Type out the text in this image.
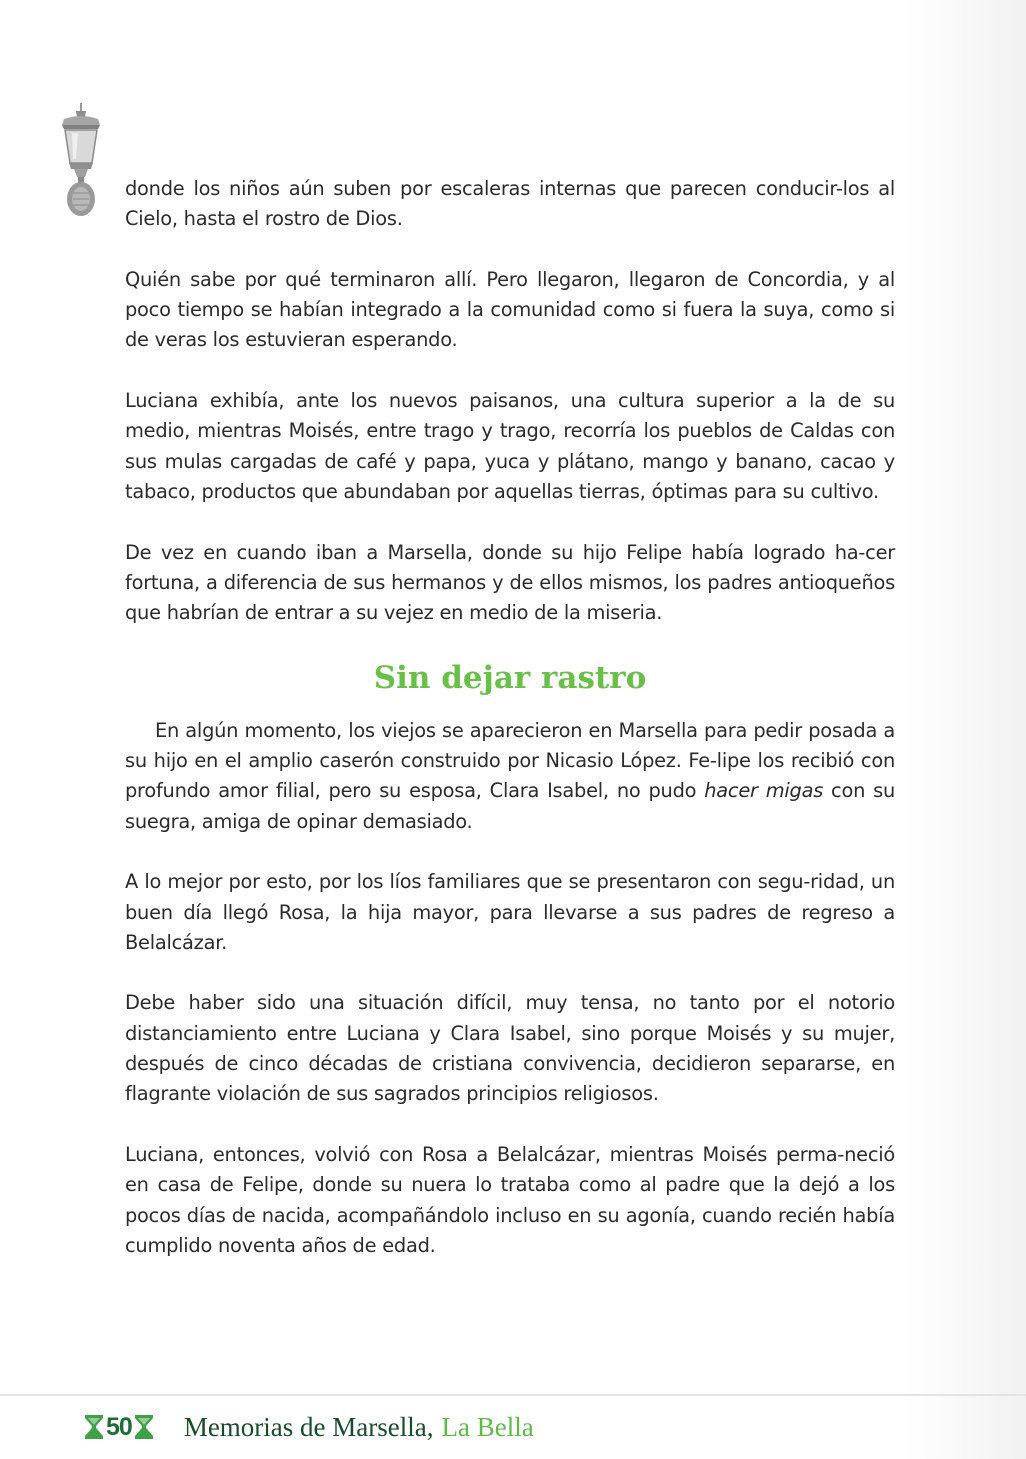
donde los niños aún suben por escaleras internas que parecen conducir-los al Cielo, hasta el rostro de Dios.

Quién sabe por qué terminaron allí. Pero llegaron, llegaron de Concordia, y al poco tiempo se habían integrado a la comunidad como si fuera la suya, como si de veras los estuvieran esperando.

Luciana exhibía, ante los nuevos paisanos, una cultura superior a la de su medio, mientras Moisés, entre trago y trago, recorría los pueblos de Caldas con sus mulas cargadas de café y papa, yuca y plátano, mango y banano, cacao y tabaco, productos que abundaban por aquellas tierras, óptimas para su cultivo.

De vez en cuando iban a Marsella, donde su hijo Felipe había logrado ha-cer fortuna, a diferencia de sus hermanos y de ellos mismos, los padres antioqueños que habrían de entrar a su vejez en medio de la miseria.

Sin dejar rastro

En algún momento, los viejos se aparecieron en Marsella para pedir posada a su hijo en el amplio caserón construido por Nicasio López. Fe-lipe los recibió con profundo amor filial, pero su esposa, Clara Isabel, no pudo hacer migas con su suegra, amiga de opinar demasiado.

A lo mejor por esto, por los líos familiares que se presentaron con segu-ridad, un buen día llegó Rosa, la hija mayor, para llevarse a sus padres de regreso a Belalcázar.

Debe haber sido una situación difícil, muy tensa, no tanto por el notorio distanciamiento entre Luciana y Clara Isabel, sino porque Moisés y su mujer, después de cinco décadas de cristiana convivencia, decidieron separarse, en flagrante violación de sus sagrados principios religiosos.

Luciana, entonces, volvió con Rosa a Belalcázar, mientras Moisés perma-neció en casa de Felipe, donde su nuera lo trataba como al padre que la dejó a los pocos días de nacida, acompañándolo incluso en su agonía, cuando recién había cumplido noventa años de edad.

50 Memorias de Marsella, La Bella
